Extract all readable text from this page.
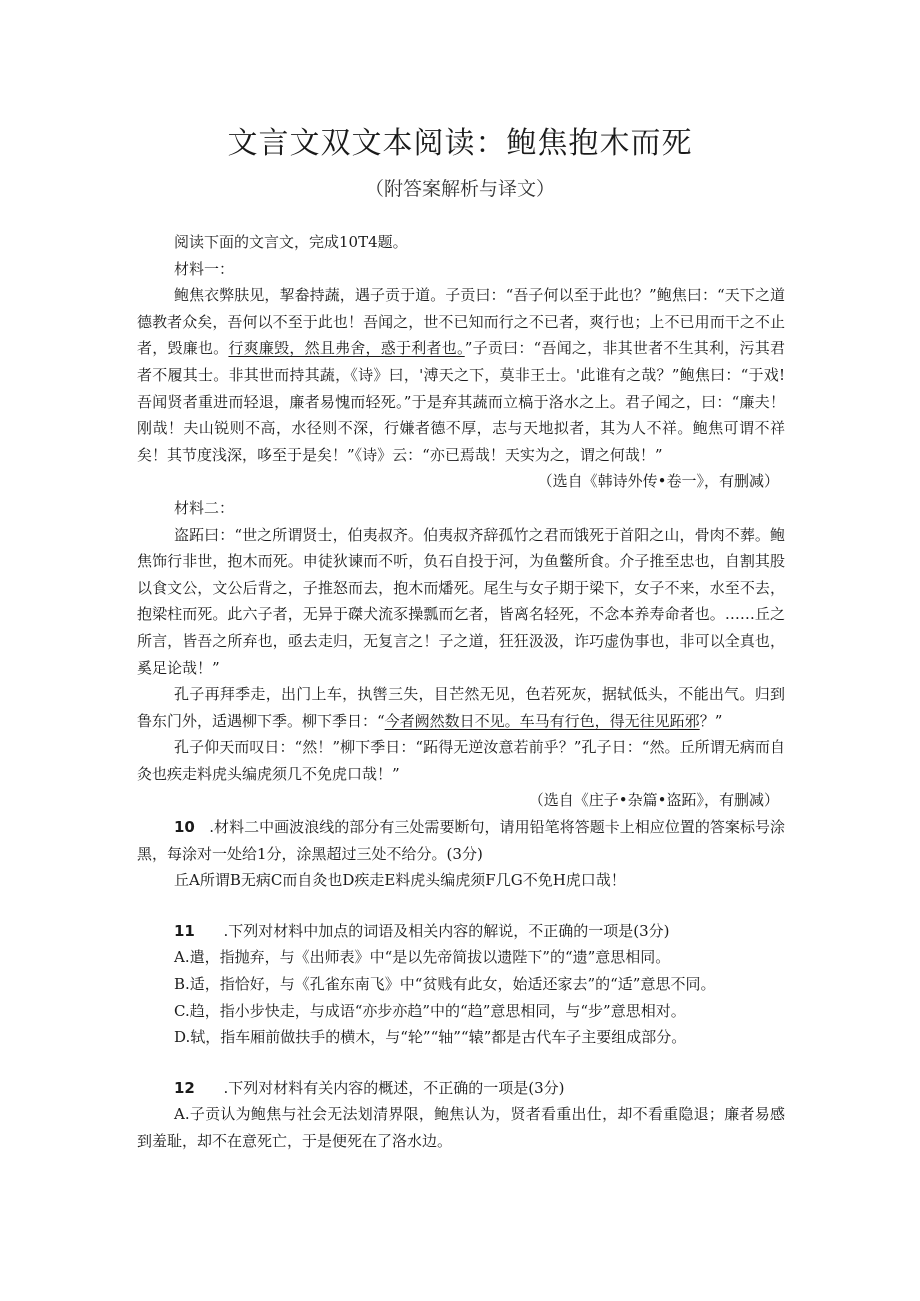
文言文双文本阅读：鲍焦抱木而死
（附答案解析与译文）

阅读下面的文言文，完成10T4题。

材料一：

鲍焦衣弊肤见，挈畚持蔬，遇子贡于道。子贡曰：“吾子何以至于此也？”鲍焦曰：“天下之道德教者众矣，吾何以不至于此也！吾闻之，世不已知而行之不已者，爽行也；上不已用而干之不止者，毁廉也。行爽廉毁，然且弗舍，惑于利者也。”子贡曰：“吾闻之，非其世者不生其利，污其君者不履其士。非其世而持其蔬，《诗》曰，'溥天之下，莫非王士。'此谁有之哉？”鲍焦曰：“于戏!吾闻贤者重进而轻退，廉者易愧而轻死。”于是弃其蔬而立槁于洛水之上。君子闻之，曰：“廉夫！刚哉！夫山锐则不高，水径则不深，行嫌者德不厚，志与天地拟者，其为人不祥。鲍焦可谓不祥矣！其节度浅深，哆至于是矣！”《诗》云：“亦已焉哉！天实为之，谓之何哉！”

（选自《韩诗外传•卷一》，有删减）

材料二：

盗跖曰：“世之所谓贤士，伯夷叔齐。伯夷叔齐辞孤竹之君而饿死于首阳之山，骨肉不葬。鲍焦饰行非世，抱木而死。申徒狄谏而不听，负石自投于河，为鱼鳖所食。介子推至忠也，自割其股以食文公，文公后背之，子推怒而去，抱木而燔死。尾生与女子期于梁下，女子不来，水至不去，抱梁柱而死。此六子者，无异于磔犬流豕操瓢而乞者，皆离名轻死，不念本养寿命者也。……丘之所言，皆吾之所弃也，亟去走归，无复言之！子之道，狂狂汲汲，诈巧虚伪事也，非可以全真也，奚足论哉！”

孔子再拜季走，出门上车，执辔三失，目芒然无见，色若死灰，据轼低头，不能出气。归到鲁东门外，适遇柳下季。柳下季日：“今者阙然数日不见。车马有行色，得无往见跖邪？”

孔子仰天而叹日：“然！”柳下季日：“跖得无逆汝意若前乎？”孔子日：“然。丘所谓无病而自灸也疾走料虎头编虎须几不免虎口哉！”

（选自《庄子•杂篇•盗跖》，有删减）

10 .材料二中画波浪线的部分有三处需要断句，请用铅笔将答题卡上相应位置的答案标号涂黑，每涂对一处给1分，涂黑超过三处不给分。(3分)

丘A所谓B无病C而自灸也D疾走E料虎头编虎须F几G不免H虎口哉！

11 .下列对材料中加点的词语及相关内容的解说，不正确的一项是(3分)

A.遣，指抛弃，与《出师表》中“是以先帝简拔以遗陛下”的“遗”意思相同。

B.适，指恰好，与《孔雀东南飞》中“贫贱有此女，始适还家去”的“适”意思不同。

C.趋，指小步快走，与成语“亦步亦趋”中的“趋”意思相同，与“步”意思相对。

D.轼，指车厢前做扶手的横木，与“轮”“轴”“辕”都是古代车子主要组成部分。

12 .下列对材料有关内容的概述，不正确的一项是(3分)

A.子贡认为鲍焦与社会无法划清界限，鲍焦认为，贤者看重出仕，却不看重隐退；廉者易感到羞耻，却不在意死亡，于是便死在了洛水边。
